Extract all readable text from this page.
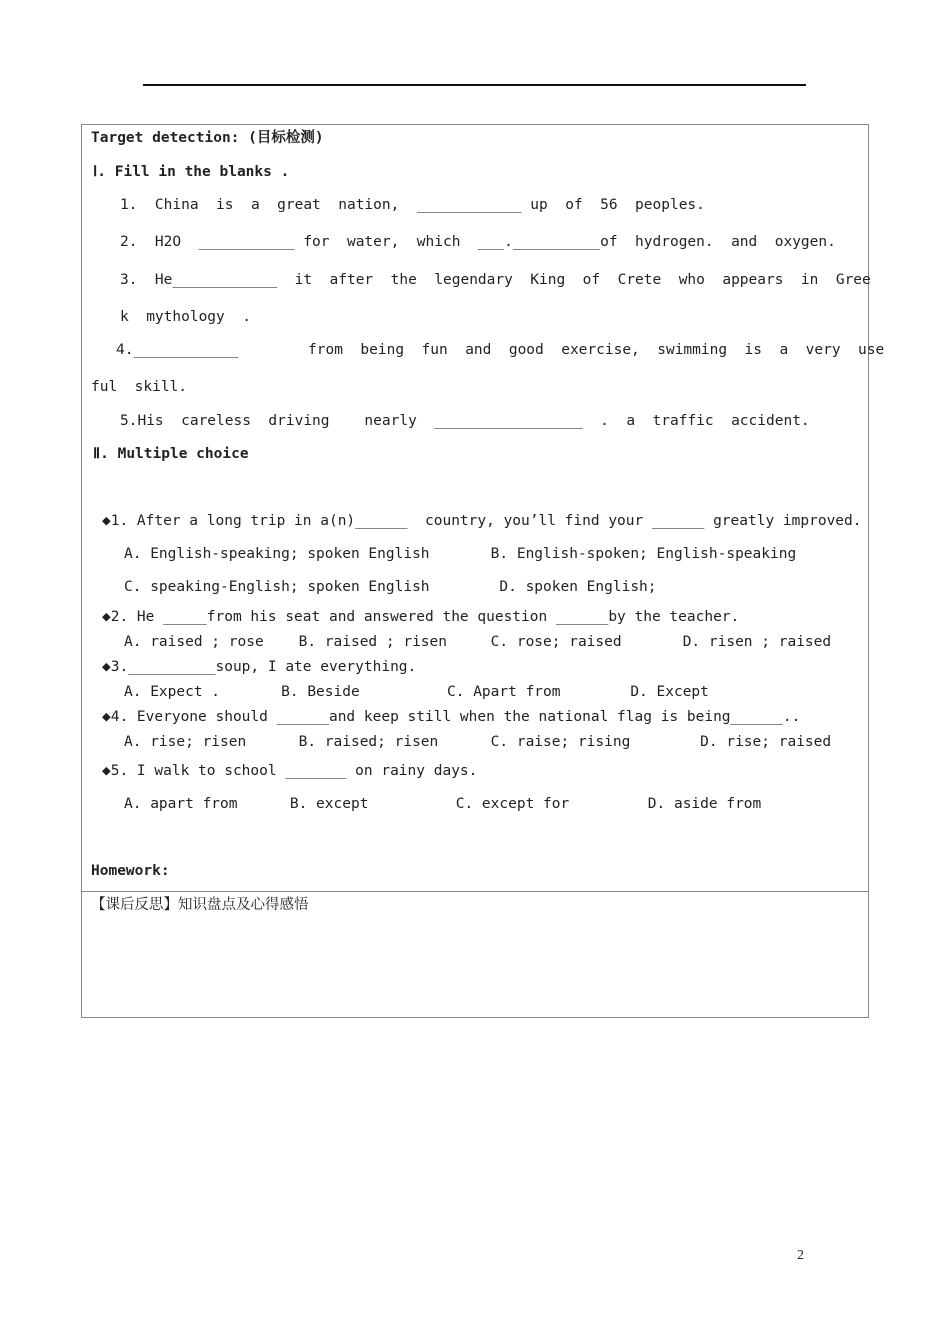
Target detection: (目标检测)
Ⅰ. Fill in the blanks .
1.  China  is  a  great  nation,  ____________ up  of  56  peoples.
2.  H2O  ___________ for  water,  which  ___.__________of  hydrogen.  and  oxygen.
3.  He____________  it  after  the  legendary  King  of  Crete  who  appears  in  Gree
k  mythology  .
4.____________        from  being  fun  and  good  exercise,  swimming  is  a  very  use
ful  skill.
5.His  careless  driving    nearly  _________________  .  a  traffic  accident.
Ⅱ. Multiple choice
◆1. After a long trip in a(n)______  country, you’ll find your ______ greatly improved.
A. English-speaking; spoken English       B. English-spoken; English-speaking
C. speaking-English; spoken English        D. spoken English;
◆2. He _____from his seat and answered the question ______by the teacher.
A. raised ; rose    B. raised ; risen     C. rose; raised       D. risen ; raised
◆3.__________soup, I ate everything.
A. Expect .       B. Beside          C. Apart from        D. Except
◆4. Everyone should ______and keep still when the national flag is being______..
A. rise; risen      B. raised; risen      C. raise; rising        D. rise; raised
◆5. I walk to school _______ on rainy days.
A. apart from      B. except          C. except for         D. aside from
Homework:
【课后反思】知识盘点及心得感悟
2
